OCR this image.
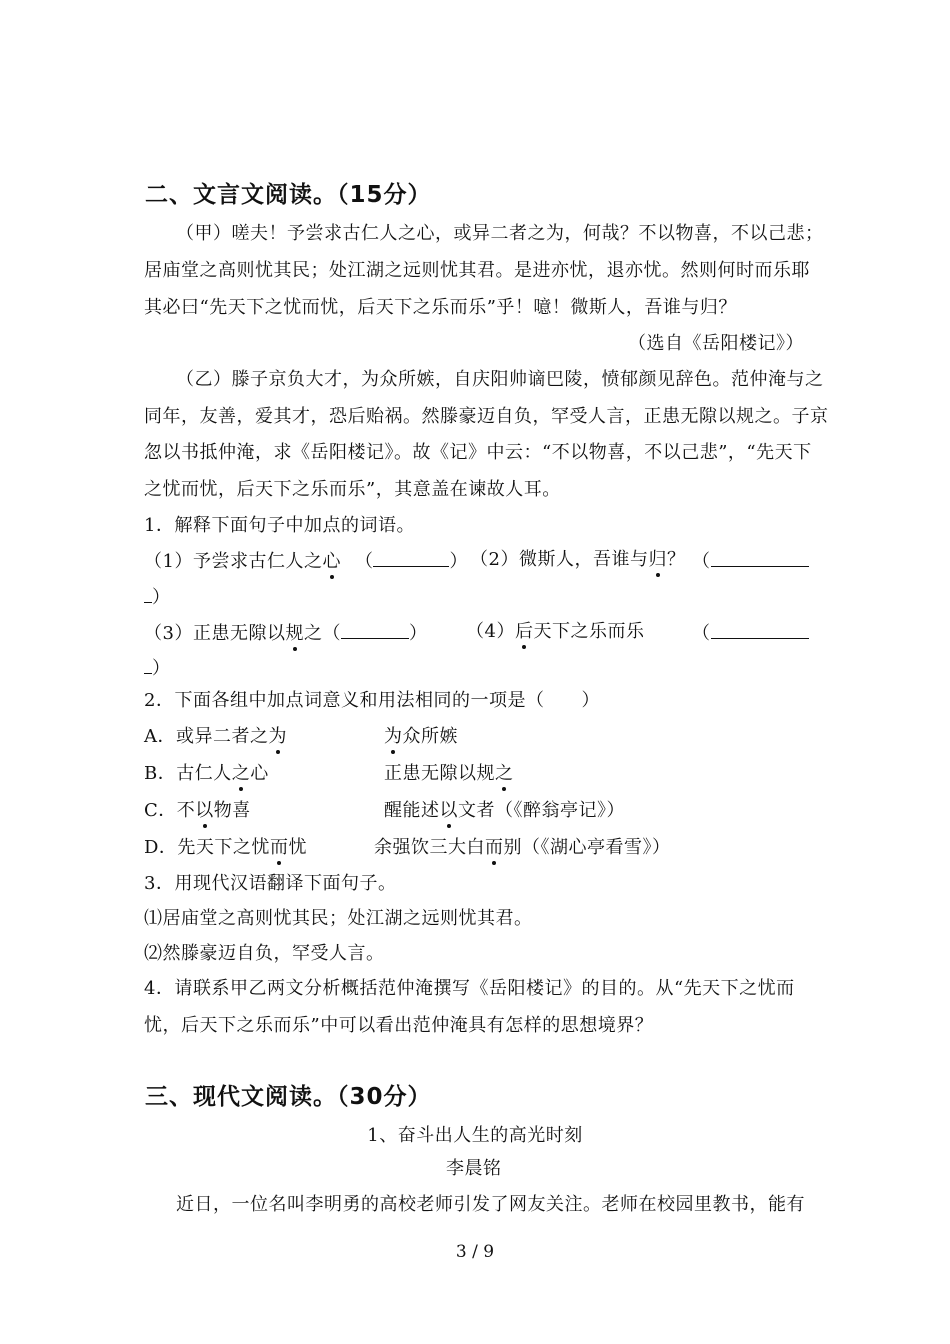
二、文言文阅读。（15分）
（甲）嗟夫！予尝求古仁人之心，或异二者之为，何哉？不以物喜，不以己悲；
居庙堂之高则忧其民；处江湖之远则忧其君。是进亦忧，退亦忧。然则何时而乐耶
其必曰“先天下之忧而忧，后天下之乐而乐”乎！噫！微斯人，吾谁与归？
（选自《岳阳楼记》）
（乙）滕子京负大才，为众所嫉，自庆阳帅谪巴陵，愤郁颜见辞色。范仲淹与之
同年，友善，爱其才，恐后贻祸。然滕豪迈自负，罕受人言，正患无隙以规之。子京
忽以书抵仲淹，求《岳阳楼记》。故《记》中云：“不以物喜，不以己悲”，“先天下
之忧而忧，后天下之乐而乐”，其意盖在谏故人耳。
1．解释下面句子中加点的词语。
（1）予尝求古仁人之心 （	） （2）微斯人，吾谁与归？ （
）
（3）正患无隙以规之（	） （4）后天下之乐而乐	（
）
2．下面各组中加点词意义和用法相同的一项是（　　）
A．或异二者之为	为众所嫉
B．古仁人之心	正患无隙以规之
C．不以物喜	醒能述以文者（《醉翁亭记》）
D．先天下之忧而忧	余强饮三大白而别（《湖心亭看雪》）
3．用现代汉语翻译下面句子。
⑴居庙堂之高则忧其民；处江湖之远则忧其君。
⑵然滕豪迈自负，罕受人言。
4．请联系甲乙两文分析概括范仲淹撰写《岳阳楼记》的目的。从“先天下之忧而
忧，后天下之乐而乐”中可以看出范仲淹具有怎样的思想境界？
三、现代文阅读。（30分）
1、奋斗出人生的高光时刻
李晨铭
近日，一位名叫李明勇的高校老师引发了网友关注。老师在校园里教书，能有
3 / 9
